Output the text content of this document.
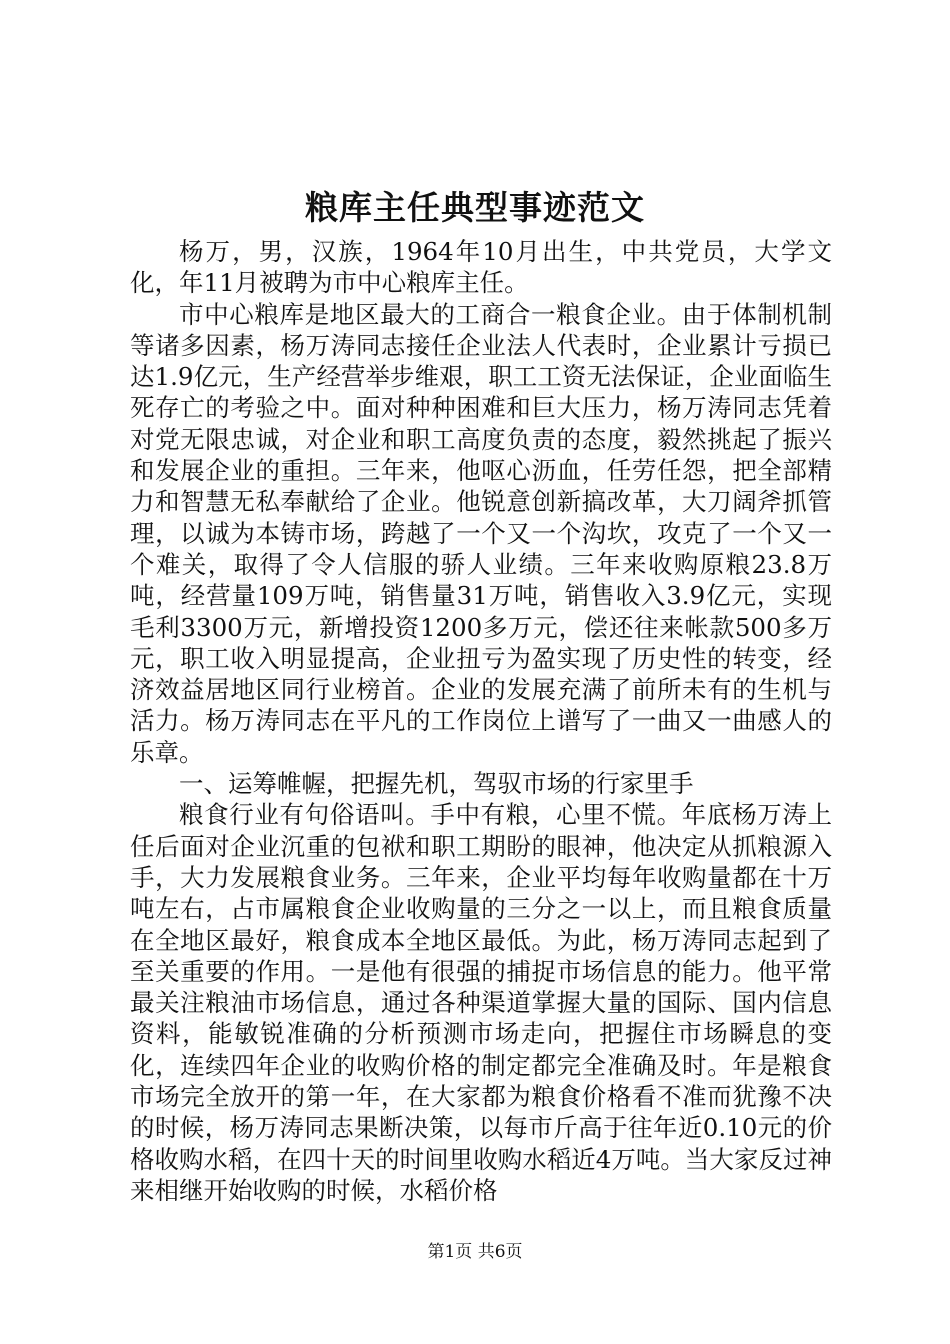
粮库主任典型事迹范文

杨万，男，汉族，1964年10月出生，中共党员，大学文化，年11月被聘为市中心粮库主任。

市中心粮库是地区最大的工商合一粮食企业。由于体制机制等诸多因素，杨万涛同志接任企业法人代表时，企业累计亏损已达1.9亿元，生产经营举步维艰，职工工资无法保证，企业面临生死存亡的考验之中。面对种种困难和巨大压力，杨万涛同志凭着对党无限忠诚，对企业和职工高度负责的态度，毅然挑起了振兴和发展企业的重担。三年来，他呕心沥血，任劳任怨，把全部精力和智慧无私奉献给了企业。他锐意创新搞改革，大刀阔斧抓管理，以诚为本铸市场，跨越了一个又一个沟坎，攻克了一个又一个难关，取得了令人信服的骄人业绩。三年来收购原粮23.8万吨，经营量109万吨，销售量31万吨，销售收入3.9亿元，实现毛利3300万元，新增投资1200多万元，偿还往来帐款500多万元，职工收入明显提高，企业扭亏为盈实现了历史性的转变，经济效益居地区同行业榜首。企业的发展充满了前所未有的生机与活力。杨万涛同志在平凡的工作岗位上谱写了一曲又一曲感人的乐章。

一、运筹帷幄，把握先机，驾驭市场的行家里手

粮食行业有句俗语叫。手中有粮，心里不慌。年底杨万涛上任后面对企业沉重的包袱和职工期盼的眼神，他决定从抓粮源入手，大力发展粮食业务。三年来，企业平均每年收购量都在十万吨左右，占市属粮食企业收购量的三分之一以上，而且粮食质量在全地区最好，粮食成本全地区最低。为此，杨万涛同志起到了至关重要的作用。一是他有很强的捕捉市场信息的能力。他平常最关注粮油市场信息，通过各种渠道掌握大量的国际、国内信息资料，能敏锐准确的分析预测市场走向，把握住市场瞬息的变化，连续四年企业的收购价格的制定都完全准确及时。年是粮食市场完全放开的第一年，在大家都为粮食价格看不准而犹豫不决的时候，杨万涛同志果断决策，以每市斤高于往年近0.10元的价格收购水稻，在四十天的时间里收购水稻近4万吨。当大家反过神来相继开始收购的时候，水稻价格

第1页 共6页
